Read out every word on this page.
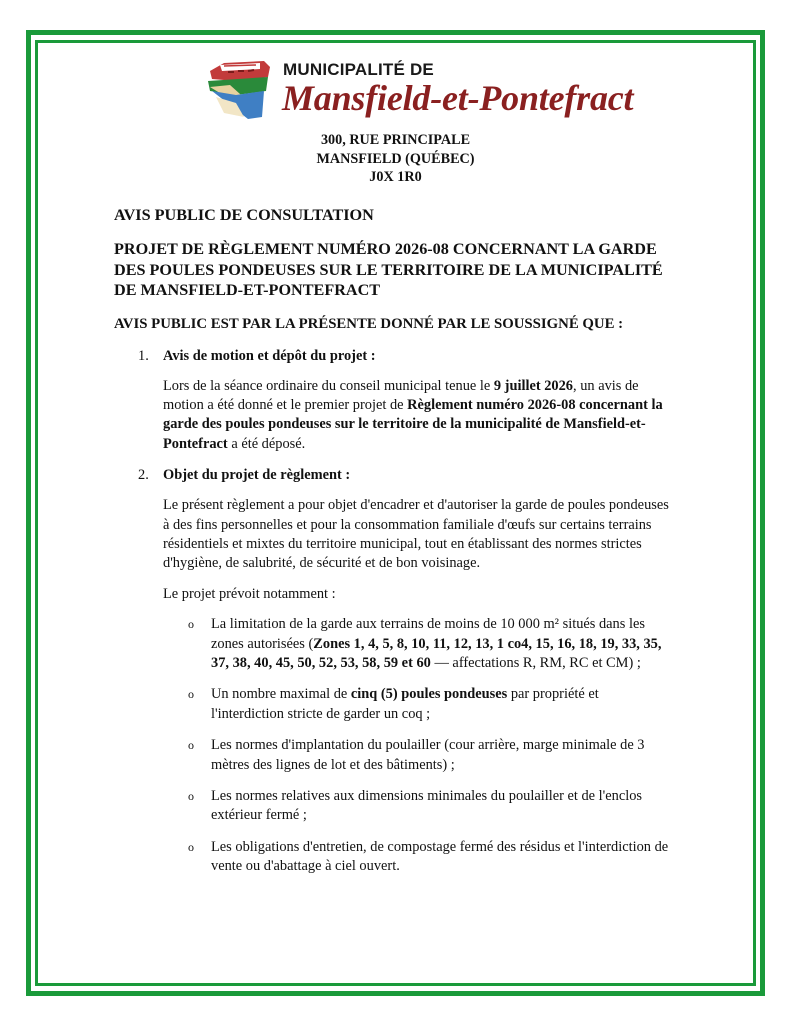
MUNICIPALITÉ DE
Mansfield-et-Pontefract
300, RUE PRINCIPALE
MANSFIELD (QUÉBEC)
J0X 1R0
AVIS PUBLIC DE CONSULTATION
PROJET DE RÈGLEMENT NUMÉRO 2026-08 CONCERNANT LA GARDE DES POULES PONDEUSES SUR LE TERRITOIRE DE LA MUNICIPALITÉ DE MANSFIELD-ET-PONTEFRACT
AVIS PUBLIC EST PAR LA PRÉSENTE DONNÉ PAR LE SOUSSIGNÉ QUE :
1. Avis de motion et dépôt du projet :
Lors de la séance ordinaire du conseil municipal tenue le 9 juillet 2026, un avis de motion a été donné et le premier projet de Règlement numéro 2026-08 concernant la garde des poules pondeuses sur le territoire de la municipalité de Mansfield-et-Pontefract a été déposé.
2. Objet du projet de règlement :
Le présent règlement a pour objet d'encadrer et d'autoriser la garde de poules pondeuses à des fins personnelles et pour la consommation familiale d'œufs sur certains terrains résidentiels et mixtes du territoire municipal, tout en établissant des normes strictes d'hygiène, de salubrité, de sécurité et de bon voisinage.
Le projet prévoit notamment :
o La limitation de la garde aux terrains de moins de 10 000 m² situés dans les zones autorisées (Zones 1, 4, 5, 8, 10, 11, 12, 13, 1 co4, 15, 16, 18, 19, 33, 35, 37, 38, 40, 45, 50, 52, 53, 58, 59 et 60 — affectations R, RM, RC et CM) ;
o Un nombre maximal de cinq (5) poules pondeuses par propriété et l'interdiction stricte de garder un coq ;
o Les normes d'implantation du poulailler (cour arrière, marge minimale de 3 mètres des lignes de lot et des bâtiments) ;
o Les normes relatives aux dimensions minimales du poulailler et de l'enclos extérieur fermé ;
o Les obligations d'entretien, de compostage fermé des résidus et l'interdiction de vente ou d'abattage à ciel ouvert.
